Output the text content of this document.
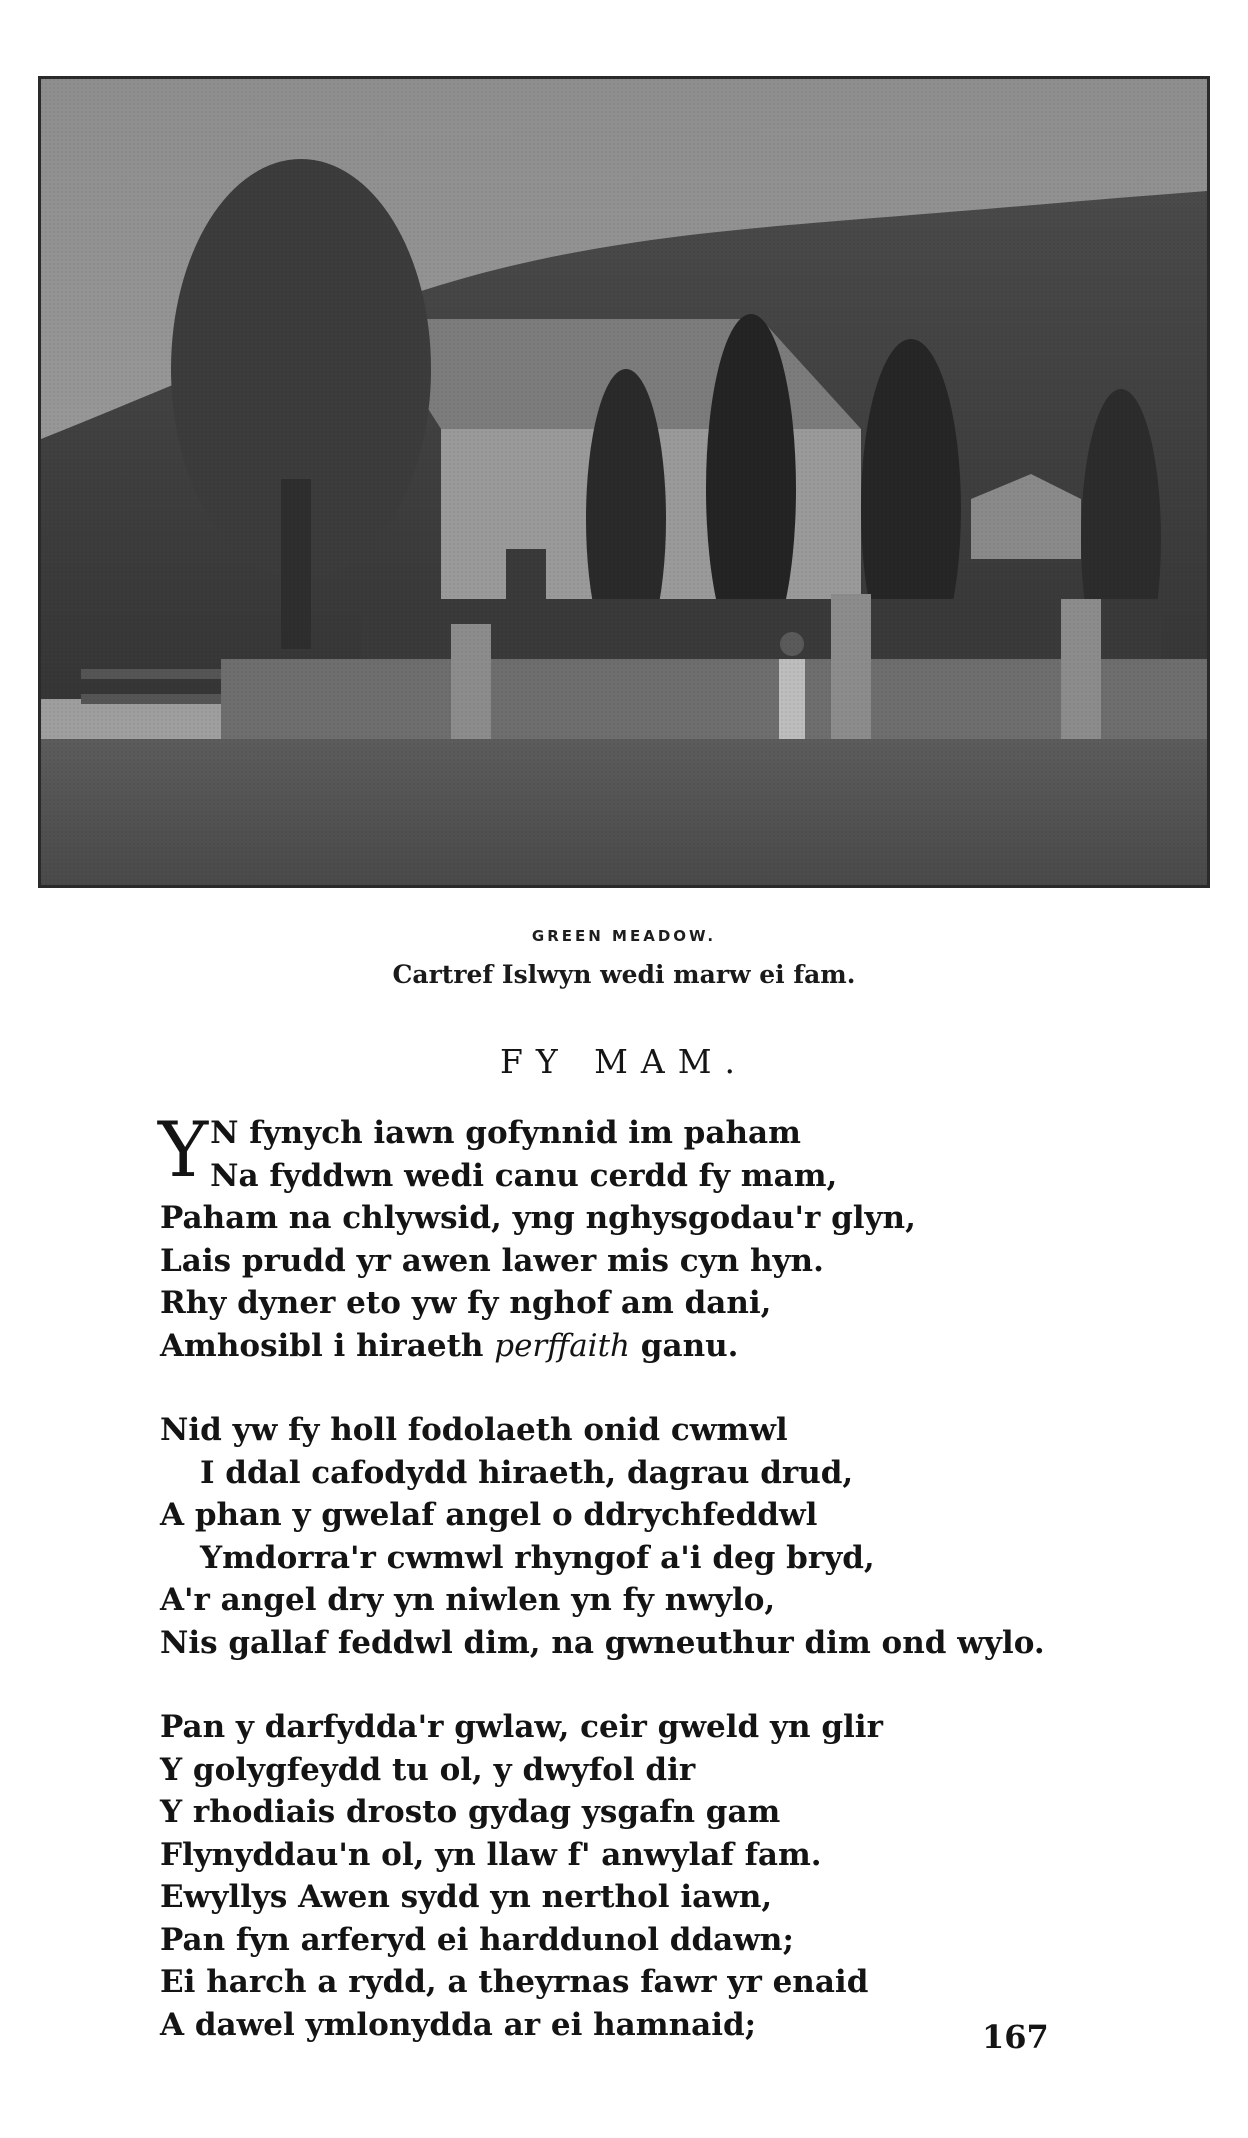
GREEN MEADOW.
Cartref Islwyn wedi marw ei fam.
FY MAM.
Y N fynych iawn gofynnid im paham
Na fyddwn wedi canu cerdd fy mam,
Paham na chlywsid, yng nghysgodau'r glyn,
Lais prudd yr awen lawer mis cyn hyn.
Rhy dyner eto yw fy nghof am dani,
Amhosibl i hiraeth perffaith ganu.
Nid yw fy holl fodolaeth onid cwmwl
I ddal cafodydd hiraeth, dagrau drud,
A phan y gwelaf angel o ddrychfeddwl
Ymdorra'r cwmwl rhyngof a'i deg bryd,
A'r angel dry yn niwlen yn fy nwylo,
Nis gallaf feddwl dim, na gwneuthur dim ond wylo.
Pan y darfydda'r gwlaw, ceir gweld yn glir
Y golygfeydd tu ol, y dwyfol dir
Y rhodiais drosto gydag ysgafn gam
Flynyddau'n ol, yn llaw f' anwylaf fam.
Ewyllys Awen sydd yn nerthol iawn,
Pan fyn arferyd ei harddunol ddawn;
Ei harch a rydd, a theyrnas fawr yr enaid
A dawel ymlonydda ar ei hamnaid;	167
